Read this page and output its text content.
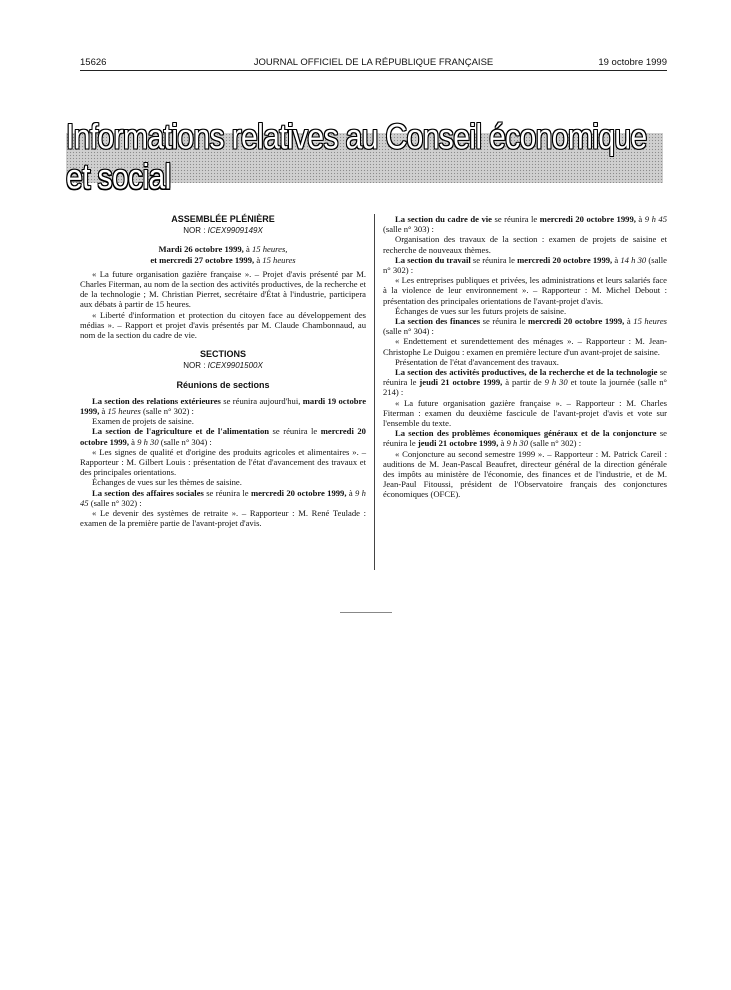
15626	JOURNAL OFFICIEL DE LA RÉPUBLIQUE FRANÇAISE	19 octobre 1999
Informations relatives au Conseil économique et social
ASSEMBLÉE PLÉNIÈRE
NOR : ICEX9909149X
Mardi 26 octobre 1999, à 15 heures,
et mercredi 27 octobre 1999, à 15 heures

« La future organisation gazière française ». – Projet d'avis présenté par M. Charles Fiterman, au nom de la section des activités productives, de la recherche et de la technologie ; M. Christian Pierret, secrétaire d'État à l'industrie, participera aux débats à partir de 15 heures.

« Liberté d'information et protection du citoyen face au développement des médias ». – Rapport et projet d'avis présentés par M. Claude Chambonnaud, au nom de la section du cadre de vie.

SECTIONS
NOR : ICEX9901500X
Réunions de sections

La section des relations extérieures se réunira aujourd'hui, mardi 19 octobre 1999, à 15 heures (salle n° 302) :

Examen de projets de saisine.

La section de l'agriculture et de l'alimentation se réunira le mercredi 20 octobre 1999, à 9 h 30 (salle n° 304) :

« Les signes de qualité et d'origine des produits agricoles et alimentaires ». – Rapporteur : M. Gilbert Louis : présentation de l'état d'avancement des travaux et des principales orientations.

Échanges de vues sur les thèmes de saisine.

La section des affaires sociales se réunira le mercredi 20 octobre 1999, à 9 h 45 (salle n° 302) :

« Le devenir des systèmes de retraite ». – Rapporteur : M. René Teulade : examen de la première partie de l'avant-projet d'avis.

La section du cadre de vie se réunira le mercredi 20 octobre 1999, à 9 h 45 (salle n° 303) :

Organisation des travaux de la section : examen de projets de saisine et recherche de nouveaux thèmes.

La section du travail se réunira le mercredi 20 octobre 1999, à 14 h 30 (salle n° 302) :

« Les entreprises publiques et privées, les administrations et leurs salariés face à la violence de leur environnement ». – Rapporteur : M. Michel Debout : présentation des principales orientations de l'avant-projet d'avis.

Échanges de vues sur les futurs projets de saisine.

La section des finances se réunira le mercredi 20 octobre 1999, à 15 heures (salle n° 304) :

« Endettement et surendettement des ménages ». – Rapporteur : M. Jean-Christophe Le Duigou : examen en première lecture d'un avant-projet de saisine.

Présentation de l'état d'avancement des travaux.

La section des activités productives, de la recherche et de la technologie se réunira le jeudi 21 octobre 1999, à partir de 9 h 30 et toute la journée (salle n° 214) :

« La future organisation gazière française ». – Rapporteur : M. Charles Fiterman : examen du deuxième fascicule de l'avant-projet d'avis et vote sur l'ensemble du texte.

La section des problèmes économiques généraux et de la conjoncture se réunira le jeudi 21 octobre 1999, à 9 h 30 (salle n° 302) :

« Conjoncture au second semestre 1999 ». – Rapporteur : M. Patrick Careil : auditions de M. Jean-Pascal Beaufret, directeur général de la direction générale des impôts au ministère de l'économie, des finances et de l'industrie, et de M. Jean-Paul Fitoussi, président de l'Observatoire français des conjonctures économiques (OFCE).
